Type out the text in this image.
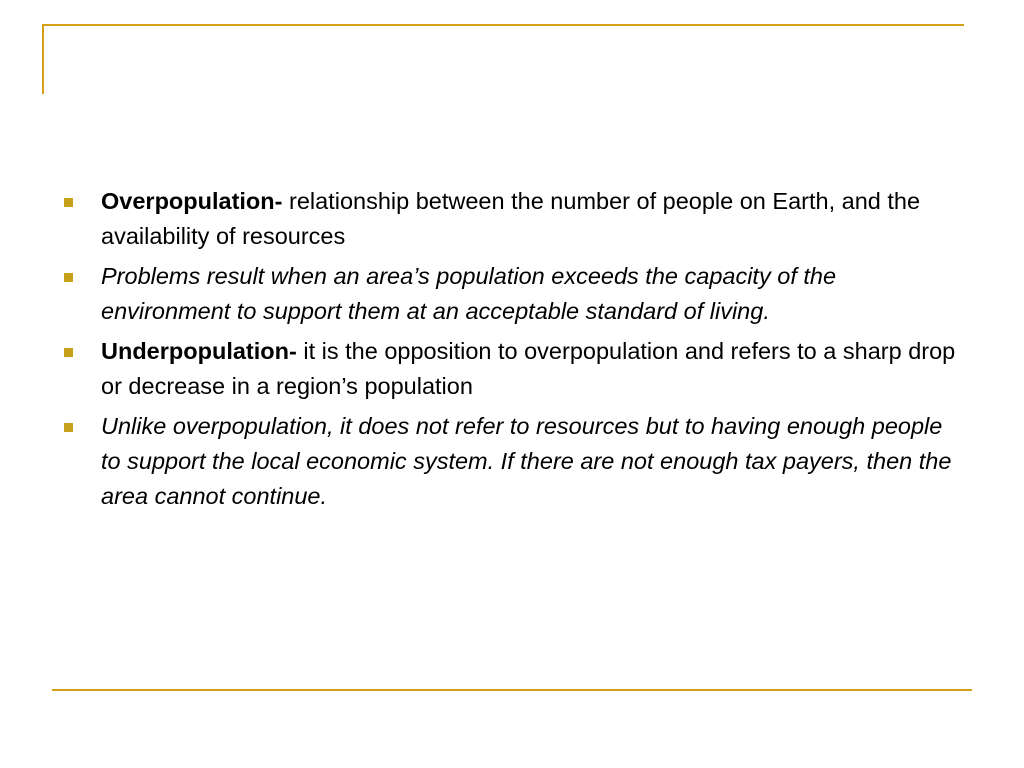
Overpopulation- relationship between the number of people on Earth, and the availability of resources
Problems result when an area’s population exceeds the capacity of the environment to support them at an acceptable standard of living.
Underpopulation- it is the opposition to overpopulation and refers to a sharp drop or decrease in a region’s population
Unlike overpopulation, it does not refer to resources but to having enough people to support the local economic system. If there are not enough tax payers, then the area cannot continue.
